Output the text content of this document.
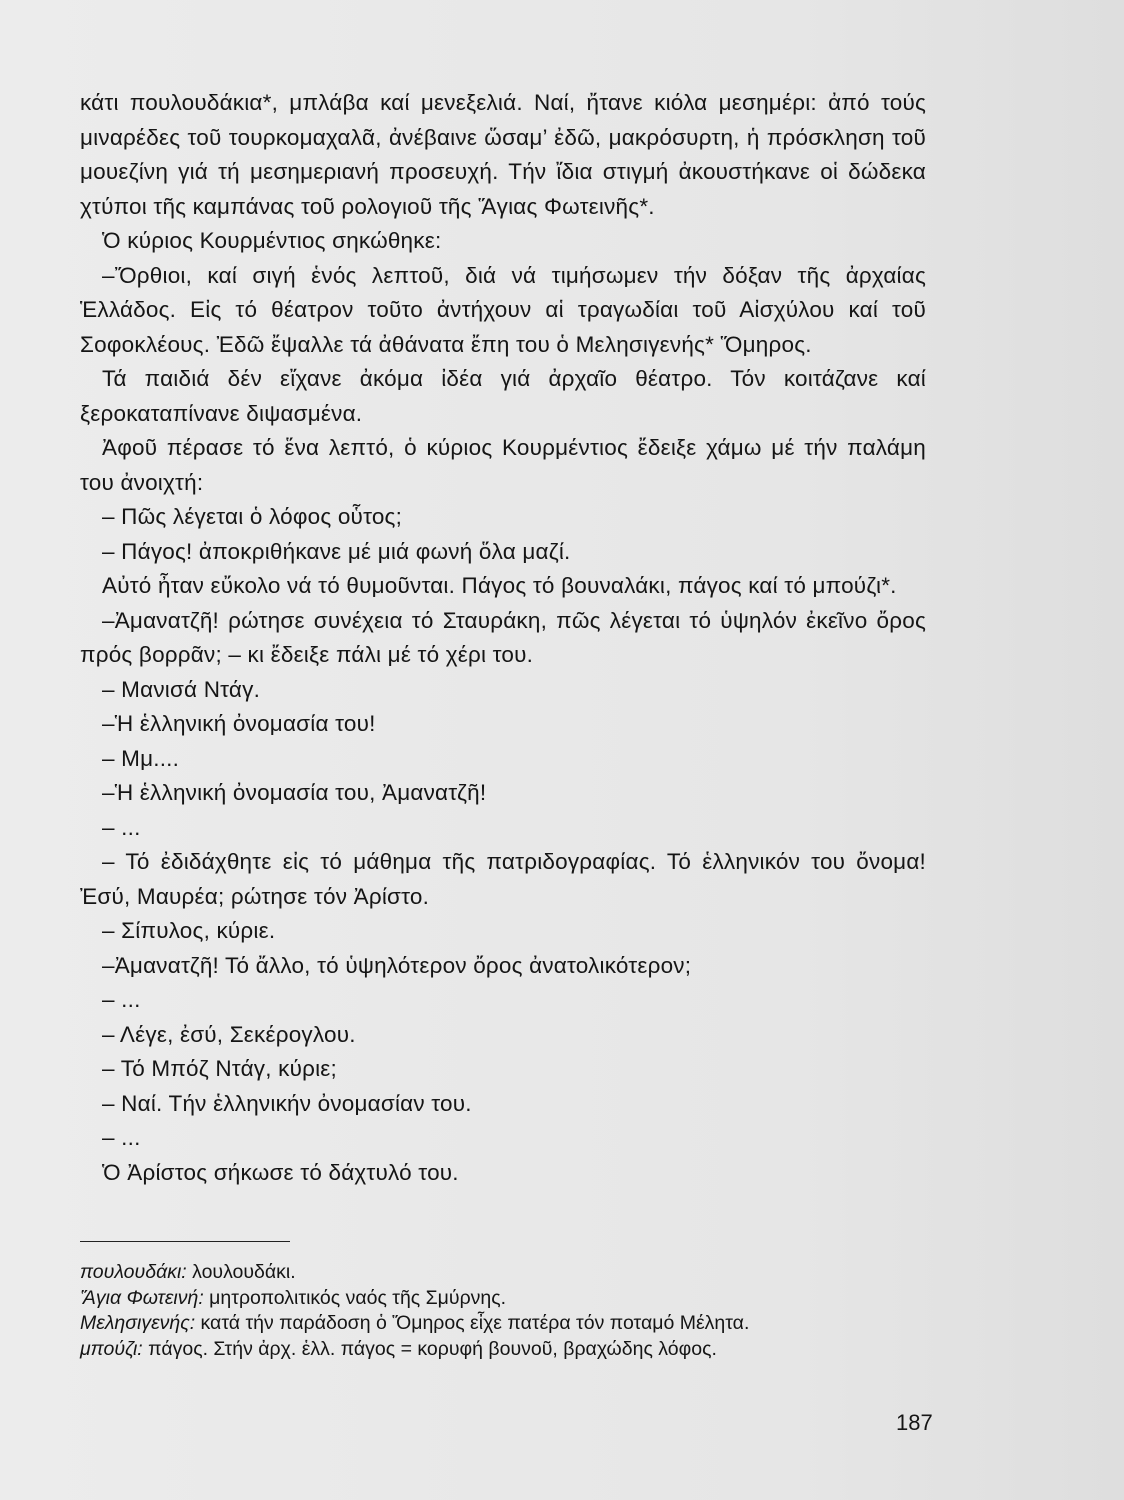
κάτι πουλουδάκια*, μπλάβα καί μενεξελιά. Ναί, ἤτανε κιόλα μεσημέρι: ἀπό τούς μιναρέδες τοῦ τουρκομαχαλᾶ, ἀνέβαινε ὥσαμ’ ἐδῶ, μακρόσυρτη, ἡ πρόσκληση τοῦ μουεζίνη γιά τή μεσημεριανή προσευχή. Τήν ἴδια στιγμή ἀκουστήκανε οἱ δώδεκα χτύποι τῆς καμπάνας τοῦ ρολογιοῦ τῆς Ἅγιας Φωτεινῆς*.

Ὁ κύριος Κουρμέντιος σηκώθηκε:

–Ὄρθιοι, καί σιγή ἑνός λεπτοῦ, διά νά τιμήσωμεν τήν δόξαν τῆς ἀρχαίας Ἑλλάδος. Εἰς τό θέατρον τοῦτο ἀντήχουν αἱ τραγωδίαι τοῦ Αἰσχύλου καί τοῦ Σοφοκλέους. Ἐδῶ ἔψαλλε τά ἀθάνατα ἔπη του ὁ Μελησιγενής* Ὅμηρος.

Τά παιδιά δέν εἴχανε ἀκόμα ἰδέα γιά ἀρχαῖο θέατρο. Τόν κοιτάζανε καί ξεροκαταπίνανε διψασμένα.

Ἀφοῦ πέρασε τό ἕνα λεπτό, ὁ κύριος Κουρμέντιος ἔδειξε χάμω μέ τήν παλάμη του ἀνοιχτή:

– Πῶς λέγεται ὁ λόφος οὗτος;

– Πάγος! ἀποκριθήκανε μέ μιά φωνή ὅλα μαζί.

Αὐτό ἦταν εὔκολο νά τό θυμοῦνται. Πάγος τό βουναλάκι, πάγος καί τό μπούζι*.

–Ἀμανατζῆ! ρώτησε συνέχεια τό Σταυράκη, πῶς λέγεται τό ὑψηλόν ἐκεῖνο ὄρος πρός βορρᾶν; – κι ἔδειξε πάλι μέ τό χέρι του.

– Μανισά Ντάγ.

–Ἡ ἑλληνική ὀνομασία του!

– Μμ....

–Ἡ ἑλληνική ὀνομασία του, Ἀμανατζῆ!

– ...

– Τό ἐδιδάχθητε εἰς τό μάθημα τῆς πατριδογραφίας. Τό ἑλληνικόν του ὄνομα! Ἐσύ, Μαυρέα; ρώτησε τόν Ἀρίστο.

– Σίπυλος, κύριε.

–Ἀμανατζῆ! Τό ἄλλο, τό ὑψηλότερον ὄρος ἀνατολικότερον;

– ...

– Λέγε, ἐσύ, Σεκέρογλου.

– Τό Μπόζ Ντάγ, κύριε;

– Ναί. Τήν ἑλληνικήν ὀνομασίαν του.

– ...

Ὁ Ἀρίστος σήκωσε τό δάχτυλό του.

πουλουδάκι: λουλουδάκι.

Ἅγια Φωτεινή: μητροπολιτικός ναός τῆς Σμύρνης.

Μελησιγενής: κατά τήν παράδοση ὁ Ὅμηρος εἶχε πατέρα τόν ποταμό Μέλητα.

μπούζι: πάγος. Στήν ἀρχ. ἑλλ. πάγος = κορυφή βουνοῦ, βραχώδης λόφος.

187
